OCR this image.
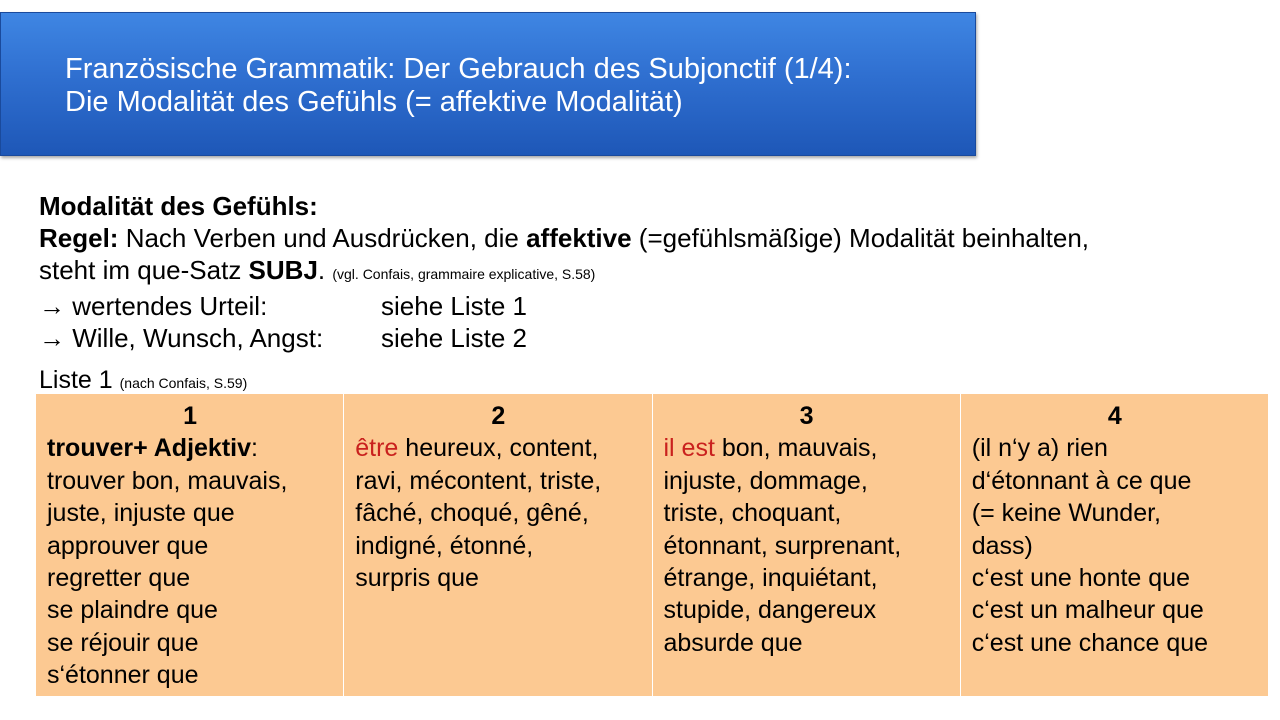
Französische Grammatik: Der Gebrauch des Subjonctif (1/4):
Die Modalität des Gefühls (= affektive Modalität)
Modalität des Gefühls:
Regel: Nach Verben und Ausdrücken, die affektive (=gefühlsmäßige) Modalität beinhalten,
steht im que-Satz SUBJ. (vgl. Confais, grammaire explicative, S.58)
→ wertendes Urteil:	siehe Liste 1
→ Wille, Wunsch, Angst:	siehe Liste 2
Liste 1 (nach Confais, S.59)
1
trouver+ Adjektiv:
trouver bon, mauvais,
juste, injuste que
approuver que
regretter que
se plaindre que
se réjouir que
s‘étonner que
2
être heureux, content,
ravi, mécontent, triste,
fâché, choqué, gêné,
indigné, étonné,
surpris que
3
il est bon, mauvais,
injuste, dommage,
triste, choquant,
étonnant, surprenant,
étrange, inquiétant,
stupide, dangereux
absurde que
4
(il n‘y a) rien
d‘étonnant à ce que
(= keine Wunder,
dass)
c‘est une honte que
c‘est un malheur que
c‘est une chance que
